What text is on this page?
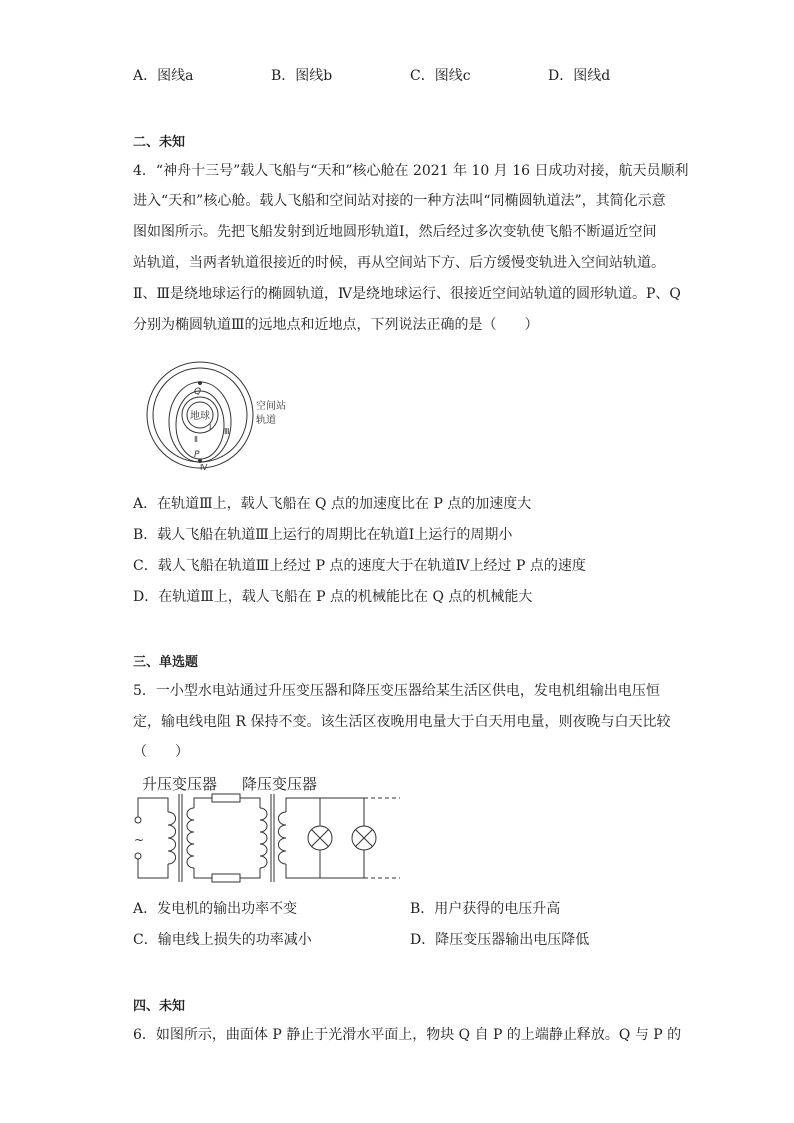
A．图线a	B．图线b	C．图线c	D．图线d
二、未知
4．“神舟十三号”载人飞船与“天和”核心舱在 2021 年 10 月 16 日成功对接，航天员顺利
进入“天和”核心舱。载人飞船和空间站对接的一种方法叫“同椭圆轨道法”，其简化示意
图如图所示。先把飞船发射到近地圆形轨道Ⅰ，然后经过多次变轨使飞船不断逼近空间
站轨道，当两者轨道很接近的时候，再从空间站下方、后方缓慢变轨进入空间站轨道。
Ⅱ、Ⅲ是绕地球运行的椭圆轨道，Ⅳ是绕地球运行、很接近空间站轨道的圆形轨道。P、Q
分别为椭圆轨道Ⅲ的远地点和近地点，下列说法正确的是（　　）
地球
Q
P
Ⅰ
Ⅱ
Ⅲ
Ⅳ
空间站
轨道
A．在轨道Ⅲ上，载人飞船在 Q 点的加速度比在 P 点的加速度大
B．载人飞船在轨道Ⅲ上运行的周期比在轨道Ⅰ上运行的周期小
C．载人飞船在轨道Ⅲ上经过 P 点的速度大于在轨道Ⅳ上经过 P 点的速度
D．在轨道Ⅲ上，载人飞船在 P 点的机械能比在 Q 点的机械能大
三、单选题
5．一小型水电站通过升压变压器和降压变压器给某生活区供电，发电机组输出电压恒
定，输电线电阻 R 保持不变。该生活区夜晚用电量大于白天用电量，则夜晚与白天比较
（　　）
升压变压器 降压变压器
~
A．发电机的输出功率不变	B．用户获得的电压升高
C．输电线上损失的功率减小	D．降压变压器输出电压降低
四、未知
6．如图所示，曲面体 P 静止于光滑水平面上，物块 Q 自 P 的上端静止释放。Q 与 P 的
